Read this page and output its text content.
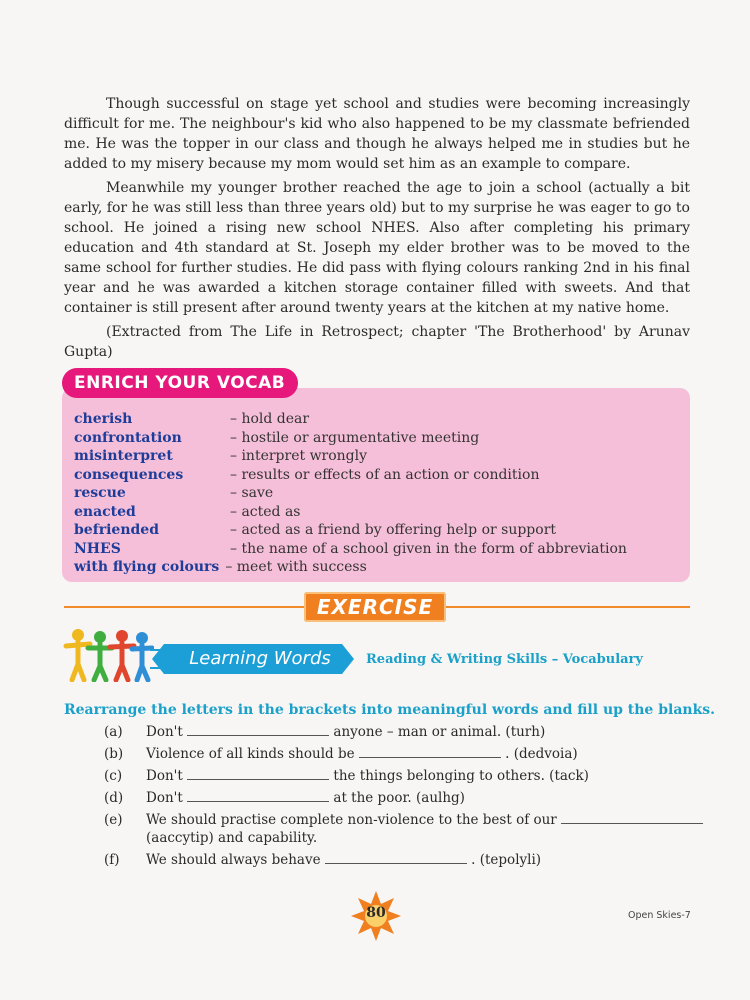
Though successful on stage yet school and studies were becoming increasingly difficult for me. The neighbour's kid who also happened to be my classmate befriended me. He was the topper in our class and though he always helped me in studies but he added to my misery because my mom would set him as an example to compare.

Meanwhile my younger brother reached the age to join a school (actually a bit early, for he was still less than three years old) but to my surprise he was eager to go to school. He joined a rising new school NHES. Also after completing his primary education and 4th standard at St. Joseph my elder brother was to be moved to the same school for further studies. He did pass with flying colours ranking 2nd in his final year and he was awarded a kitchen storage container filled with sweets. And that container is still present after around twenty years at the kitchen at my native home.

(Extracted from The Life in Retrospect; chapter 'The Brotherhood' by Arunav Gupta)

cherish	– hold dear
confrontation	– hostile or argumentative meeting
misinterpret	– interpret wrongly
consequences	– results or effects of an action or condition
rescue	– save
enacted	– acted as
befriended	– acted as a friend by offering help or support
NHES	– the name of a school given in the form of abbreviation
with flying colours – meet with success
ENRICH YOUR VOCAB
EXERCISE
Learning Words	Reading & Writing Skills – Vocabulary
Rearrange the letters in the brackets into meaningful words and fill up the blanks.
(a)	Don't	anyone – man or animal. (turh)
(b)	Violence of all kinds should be	. (dedvoia)
(c)	Don't	the things belonging to others. (tack)
(d)	Don't	at the poor. (aulhg)
(e)	We should practise complete non-violence to the best of our
(aaccytip) and capability.
(f)	We should always behave	. (tepolyli)
80	Open Skies-7
